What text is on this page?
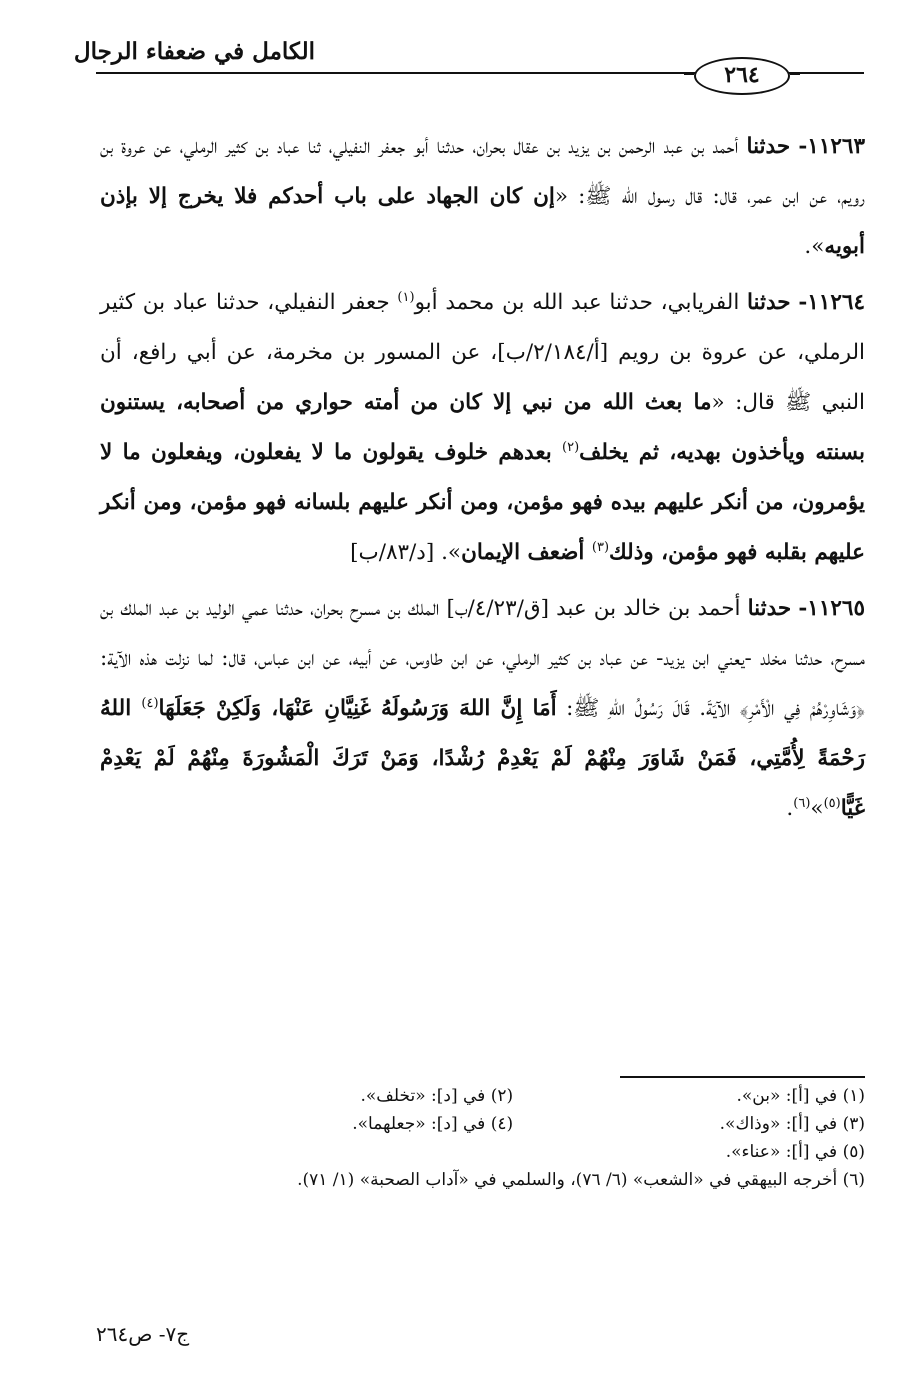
الكامل في ضعفاء الرجال
٢٦٤

١١٢٦٣- حدثنا أحمد بن عبد الرحمن بن يزيد بن عقال بحران، حدثنا أبو جعفر النفيلي، ثنا عباد بن كثير الرملي، عن عروة بن رويم، عن ابن عمر، قال: قال رسول الله ﷺ: «إن كان الجهاد على باب أحدكم فلا يخرج إلا بإذن أبويه».

١١٢٦٤- حدثنا الفريابي، حدثنا عبد الله بن محمد أبو$^{(١)}$ جعفر النفيلي، حدثنا عباد بن كثير الرملي، عن عروة بن رويم [أ/٢/١٨٤/ب]، عن المسور بن مخرمة، عن أبي رافع، أن النبي ﷺ قال: «ما بعث الله من نبي إلا كان من أمته حواري من أصحابه، يستنون بسنته ويأخذون بهديه، ثم يخلف$^{(٢)}$ بعدهم خلوف يقولون ما لا يفعلون، ويفعلون ما لا يؤمرون، من أنكر عليهم بيده فهو مؤمن، ومن أنكر عليهم بلسانه فهو مؤمن، ومن أنكر عليهم بقلبه فهو مؤمن، وذلك$^{(٣)}$ أضعف الإيمان». [د/٨٣/ب]

١١٢٦٥- حدثنا أحمد بن خالد بن عبد [ق/٤/٢٣/ب] الملك بن مسرح بحران، حدثنا عمي الوليد بن عبد الملك بن مسرح، حدثنا مخلد -يعني ابن يزيد- عن عباد بن كثير الرملي، عن ابن طاوس، عن أبيه، عن ابن عباس، قال: لما نزلت هذه الآية: ﴿وَشَاوِرْهُمْ فِي الْأَمْرِ﴾ الآيَةَ. قَالَ رَسُولُ اللهِ ﷺ: أَمَا إِنَّ اللهَ وَرَسُولَهُ غَنِيَّانِ عَنْهَا، وَلَكِنْ جَعَلَهَا$^{(٤)}$ اللهُ رَحْمَةً لِأُمَّتِي، فَمَنْ شَاوَرَ مِنْهُمْ لَمْ يَعْدِمْ رُشْدًا، وَمَنْ تَرَكَ الْمَشُورَةَ مِنْهُمْ لَمْ يَعْدِمْ غَيًّا$^{(٥)}$»$^{(٦)}$.

(١) في [أ]: «بن».
(٢) في [د]: «تخلف».
(٣) في [أ]: «وذاك».
(٤) في [د]: «جعلهما».
(٥) في [أ]: «عناء».
(٦) أخرجه البيهقي في «الشعب» (٦/ ٧٦)، والسلمي في «آداب الصحبة» (١/ ٧١).
ج٧- ص٢٦٤
